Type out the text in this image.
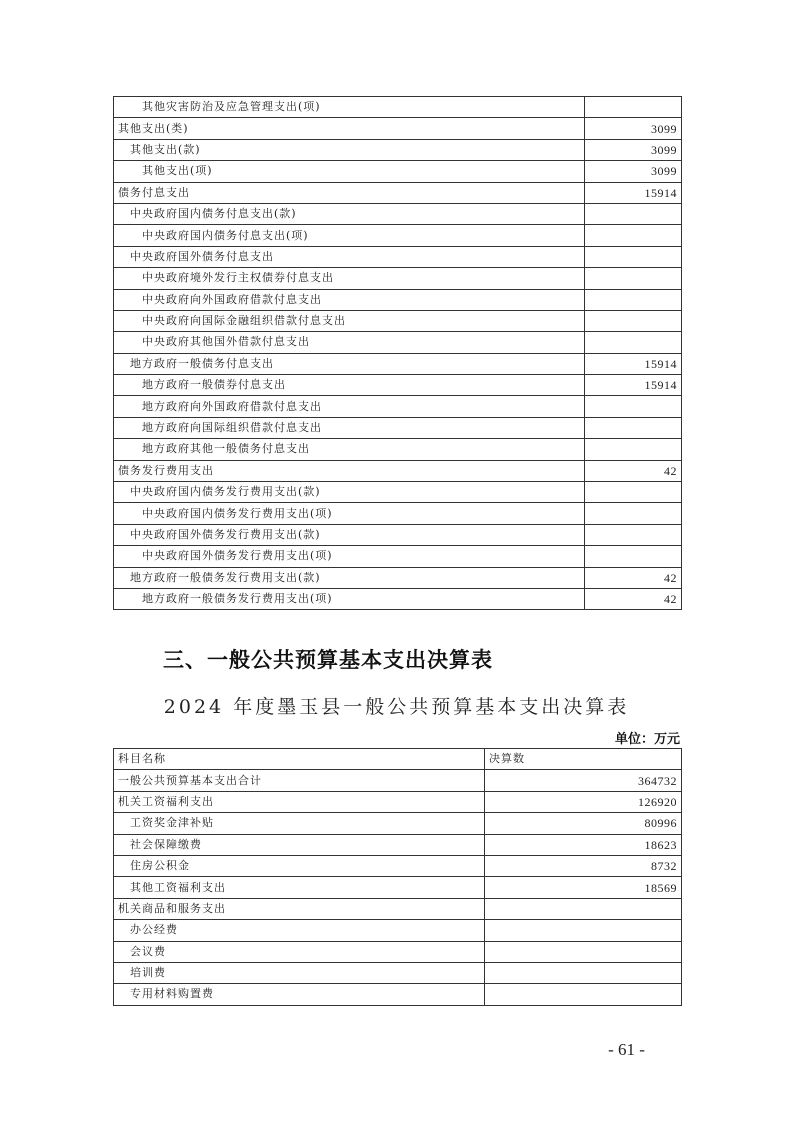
其他灾害防治及应急管理支出(项)	
其他支出(类)	3099
其他支出(款)	3099
其他支出(项)	3099
债务付息支出	15914
中央政府国内债务付息支出(款)	
中央政府国内债务付息支出(项)	
中央政府国外债务付息支出	
中央政府境外发行主权债券付息支出	
中央政府向外国政府借款付息支出	
中央政府向国际金融组织借款付息支出	
中央政府其他国外借款付息支出	
地方政府一般债务付息支出	15914
地方政府一般债券付息支出	15914
地方政府向外国政府借款付息支出	
地方政府向国际组织借款付息支出	
地方政府其他一般债务付息支出	
债务发行费用支出	42
中央政府国内债务发行费用支出(款)	
中央政府国内债务发行费用支出(项)	
中央政府国外债务发行费用支出(款)	
中央政府国外债务发行费用支出(项)	
地方政府一般债务发行费用支出(款)	42
地方政府一般债务发行费用支出(项)	42
三、一般公共预算基本支出决算表
2024 年度墨玉县一般公共预算基本支出决算表
单位：万元
科目名称	决算数
一般公共预算基本支出合计	364732
机关工资福利支出	126920
工资奖金津补贴	80996
社会保障缴费	18623
住房公积金	8732
其他工资福利支出	18569
机关商品和服务支出	
办公经费	
会议费	
培训费	
专用材料购置费	
- 61 -
